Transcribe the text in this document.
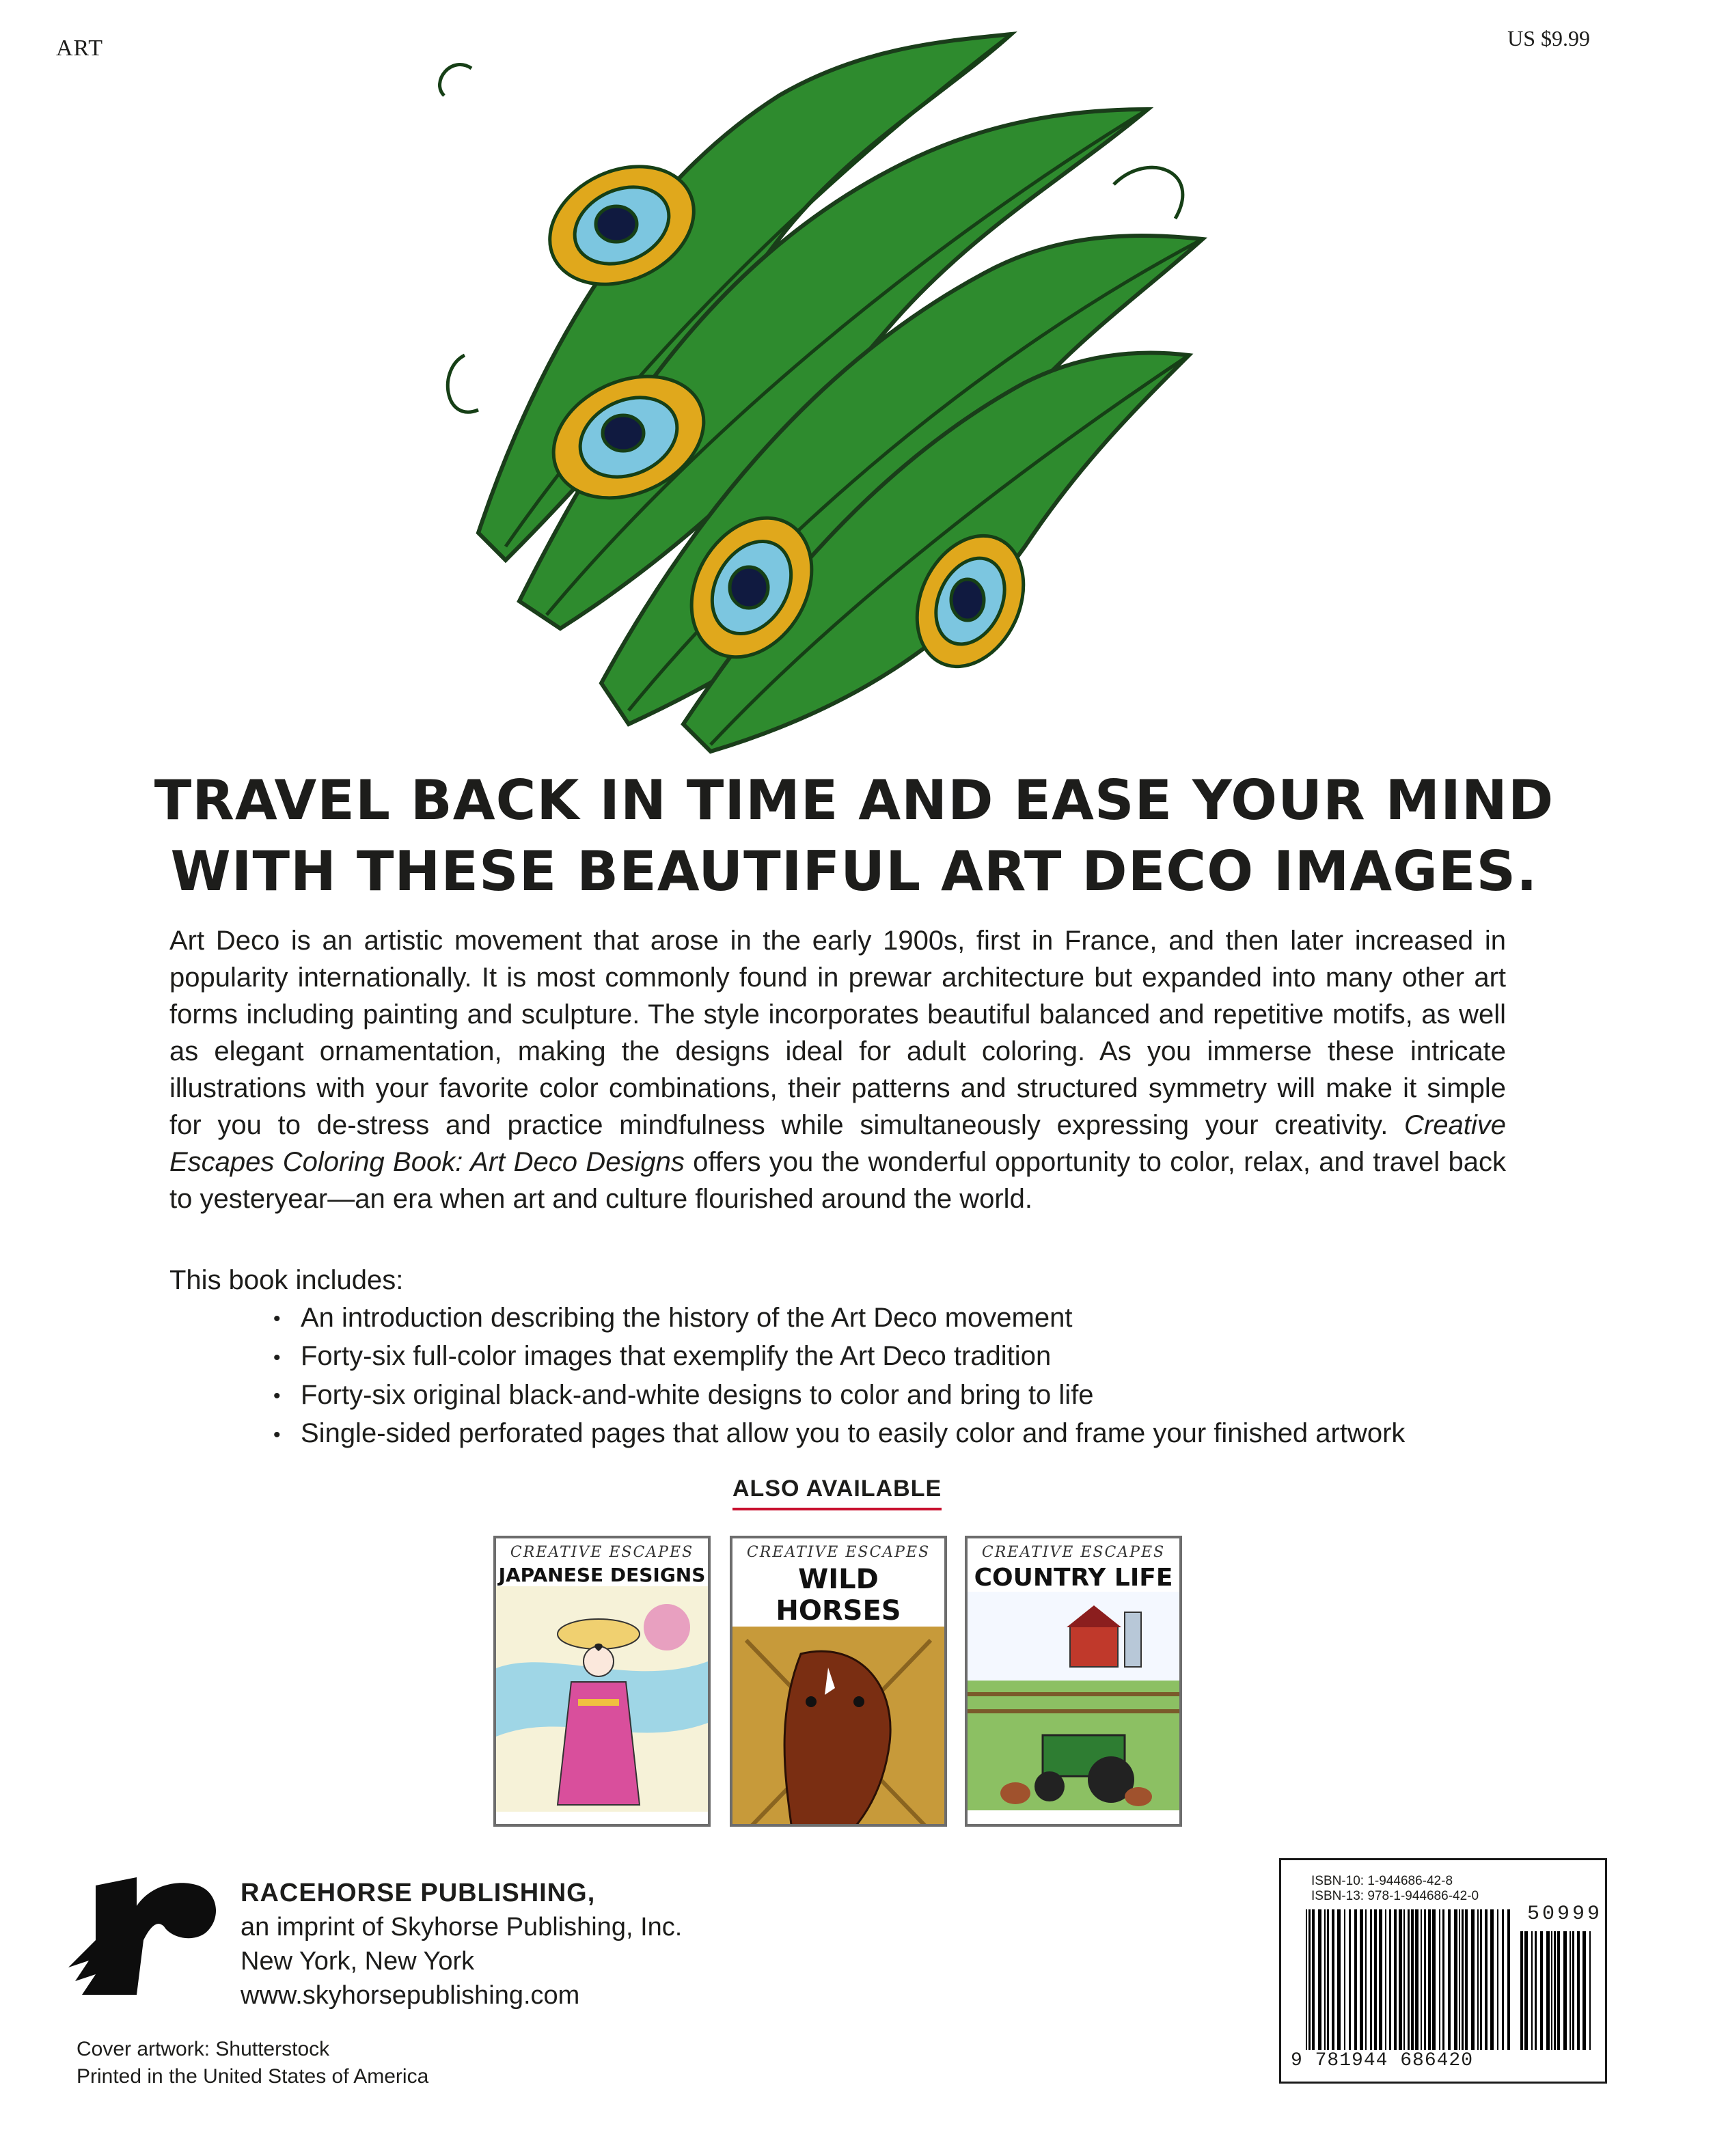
ART	US $9.99
TRAVEL BACK IN TIME AND EASE YOUR MIND
WITH THESE BEAUTIFUL ART DECO IMAGES.

Art Deco is an artistic movement that arose in the early 1900s, first in France, and then later increased in popularity internationally. It is most commonly found in prewar architecture but expanded into many other art forms including painting and sculpture. The style incorporates beautiful balanced and repetitive motifs, as well as elegant ornamentation, making the designs ideal for adult coloring. As you immerse these intricate illustrations with your favorite color combinations, their patterns and structured symmetry will make it simple for you to de-stress and practice mindfulness while simultaneously expressing your creativity. Creative Escapes Coloring Book: Art Deco Designs offers you the wonderful opportunity to color, relax, and travel back to yesteryear—an era when art and culture flourished around the world.

This book includes:
• An introduction describing the history of the Art Deco movement
• Forty-six full-color images that exemplify the Art Deco tradition
• Forty-six original black-and-white designs to color and bring to life
• Single-sided perforated pages that allow you to easily color and frame your finished artwork
ALSO AVAILABLE
CREATIVE ESCAPES
JAPANESE DESIGNS
CREATIVE ESCAPES
WILD HORSES
CREATIVE ESCAPES
COUNTRY LIFE
RACEHORSE PUBLISHING,
an imprint of Skyhorse Publishing, Inc.
New York, New York
www.skyhorsepublishing.com
Cover artwork: Shutterstock
Printed in the United States of America
ISBN-10: 1-944686-42-8
ISBN-13: 978-1-944686-42-0
50999
9 781944 686420
